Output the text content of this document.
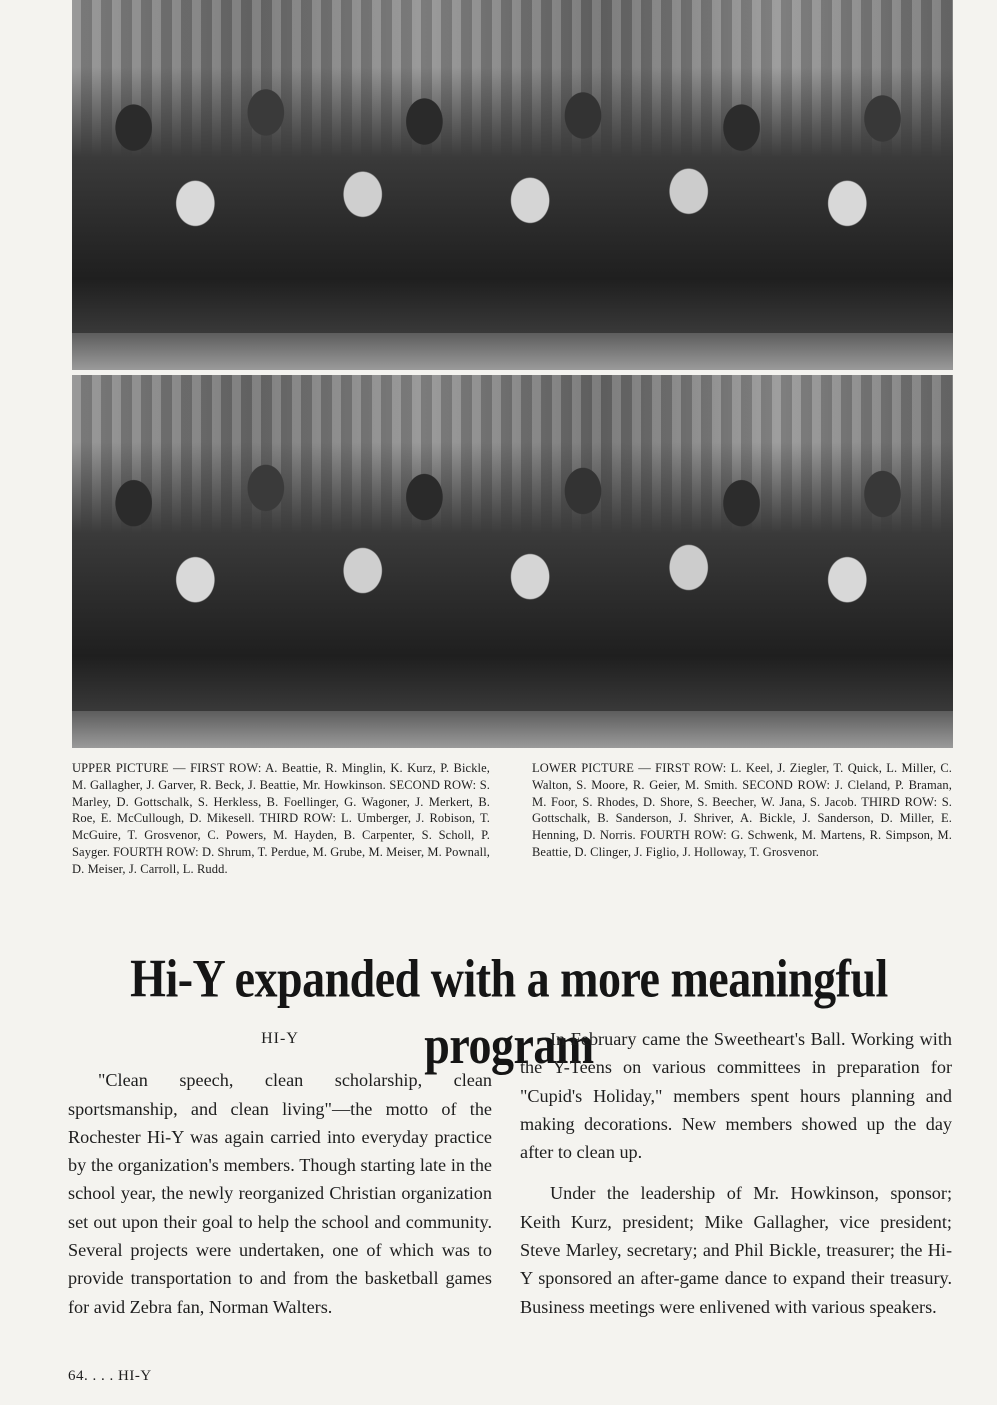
UPPER PICTURE — FIRST ROW: A. Beattie, R. Minglin, K. Kurz, P. Bickle, M. Gallagher, J. Garver, R. Beck, J. Beattie, Mr. Howkinson. SECOND ROW: S. Marley, D. Gottschalk, S. Herkless, B. Foellinger, G. Wagoner, J. Merkert, B. Roe, E. McCullough, D. Mikesell. THIRD ROW: L. Umberger, J. Robison, T. McGuire, T. Grosvenor, C. Powers, M. Hayden, B. Carpenter, S. Scholl, P. Sayger. FOURTH ROW: D. Shrum, T. Perdue, M. Grube, M. Meiser, M. Pownall, D. Meiser, J. Carroll, L. Rudd.
LOWER PICTURE — FIRST ROW: L. Keel, J. Ziegler, T. Quick, L. Miller, C. Walton, S. Moore, R. Geier, M. Smith. SECOND ROW: J. Cleland, P. Braman, M. Foor, S. Rhodes, D. Shore, S. Beecher, W. Jana, S. Jacob. THIRD ROW: S. Gottschalk, B. Sanderson, J. Shriver, A. Bickle, J. Sanderson, D. Miller, E. Henning, D. Norris. FOURTH ROW: G. Schwenk, M. Martens, R. Simpson, M. Beattie, D. Clinger, J. Figlio, J. Holloway, T. Grosvenor.
Hi-Y expanded with a more meaningful program

HI-Y

"Clean speech, clean scholarship, clean sportsmanship, and clean living"—the motto of the Rochester Hi-Y was again carried into everyday practice by the organization's members. Though starting late in the school year, the newly reorganized Christian organization set out upon their goal to help the school and community. Several projects were undertaken, one of which was to provide transportation to and from the basketball games for avid Zebra fan, Norman Walters.

In February came the Sweetheart's Ball. Working with the Y-Teens on various committees in preparation for "Cupid's Holiday," members spent hours planning and making decorations. New members showed up the day after to clean up.

Under the leadership of Mr. Howkinson, sponsor; Keith Kurz, president; Mike Gallagher, vice president; Steve Marley, secretary; and Phil Bickle, treasurer; the Hi-Y sponsored an after-game dance to expand their treasury. Business meetings were enlivened with various speakers.

64. . . . HI-Y
